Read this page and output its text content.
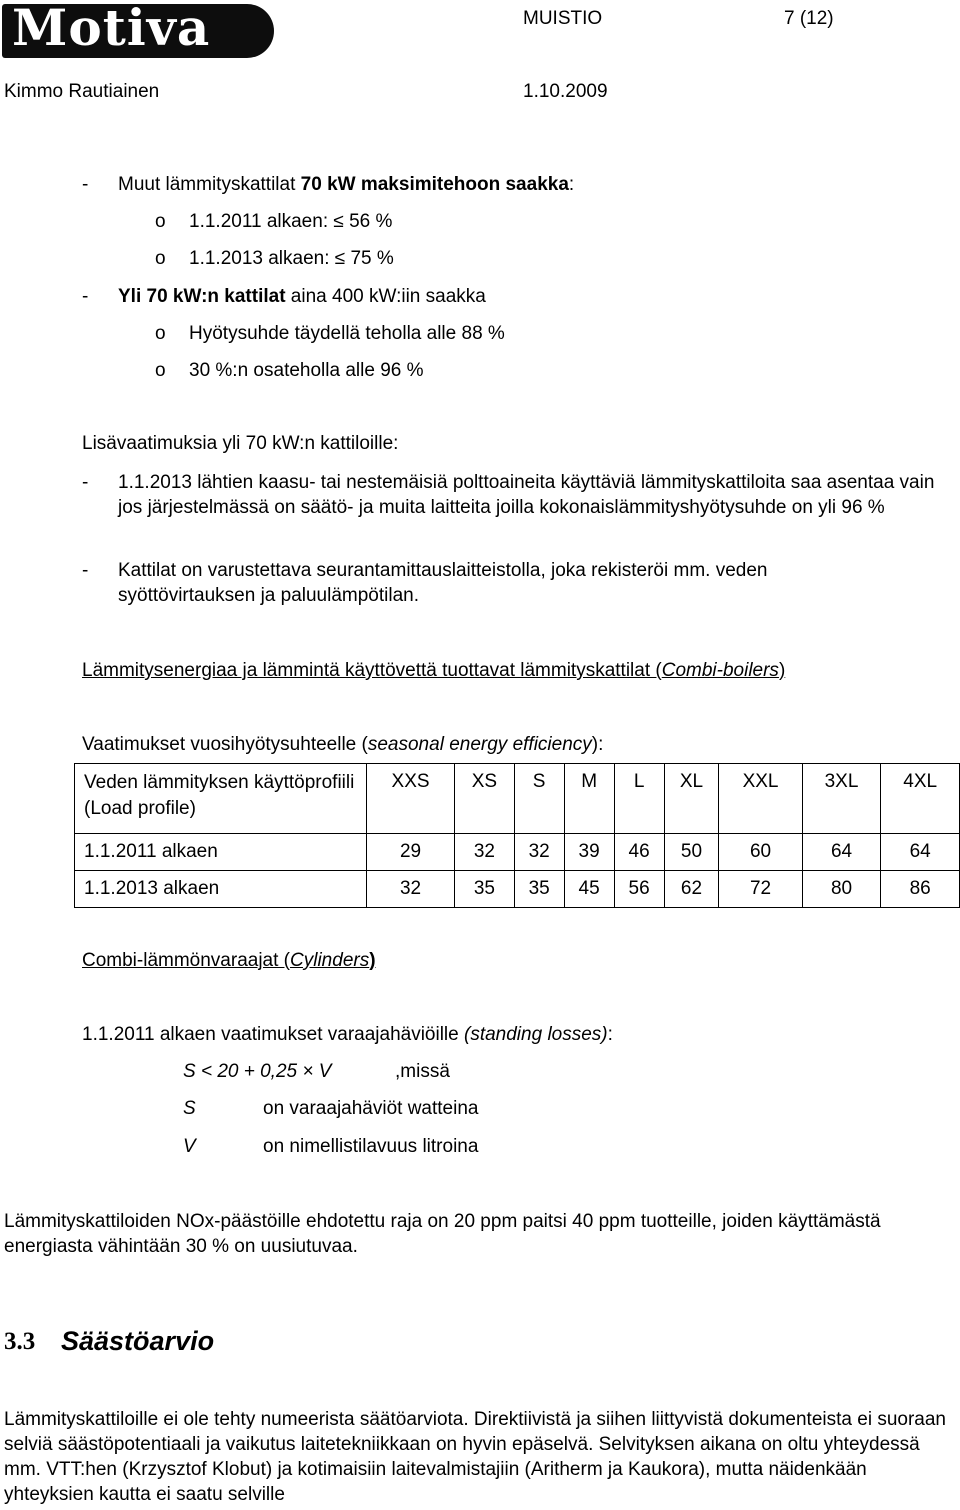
Motiva	MUISTIO	7 (12)
Kimmo Rautiainen	1.10.2009
- Muut lämmityskattilat 70 kW maksimitehoon saakka:
o 1.1.2011 alkaen: ≤ 56 %
o 1.1.2013 alkaen: ≤ 75 %
- Yli 70 kW:n kattilat aina 400 kW:iin saakka
o Hyötysuhde täydellä teholla alle 88 %
o 30 %:n osateholla alle 96 %
Lisävaatimuksia yli 70 kW:n kattiloille:
- 1.1.2013 lähtien kaasu- tai nestemäisiä polttoaineita käyttäviä lämmityskattiloita saa asentaa vain jos järjestelmässä on säätö- ja muita laitteita joilla kokonaislämmityshyötysuhde on yli 96 %
- Kattilat on varustettava seurantamittauslaitteistolla, joka rekisteröi mm. veden syöttövirtauksen ja paluulämpötilan.
Lämmitysenergiaa ja lämmintä käyttövettä tuottavat lämmityskattilat (Combi-boilers)
Vaatimukset vuosihyötysuhteelle (seasonal energy efficiency):
Veden lämmityksen käyttöprofiili (Load profile)	XXS	XS	S	M	L	XL	XXL	3XL	4XL
1.1.2011 alkaen	29	32	32	39	46	50	60	64	64
1.1.2013 alkaen	32	35	35	45	56	62	72	80	86
Combi-lämmönvaraajat (Cylinders)
1.1.2011 alkaen vaatimukset varaajahäviöille (standing losses):
S < 20 + 0,25 × V	,missä
S	on varaajahäviöt watteina
V	on nimellistilavuus litroina
Lämmityskattiloiden NOx-päästöille ehdotettu raja on 20 ppm paitsi 40 ppm tuotteille, joiden käyttämästä energiasta vähintään 30 % on uusiutuvaa.
3.3 Säästöarvio
Lämmityskattiloille ei ole tehty numeerista säätöarviota. Direktiivistä ja siihen liittyvistä dokumenteista ei suoraan selviä säästöpotentiaali ja vaikutus laitetekniikkaan on hyvin epäselvä. Selvityksen aikana on oltu yhteydessä mm. VTT:hen (Krzysztof Klobut) ja kotimaisiin laitevalmistajiin (Aritherm ja Kaukora), mutta näidenkään yhteyksien kautta ei saatu selville
